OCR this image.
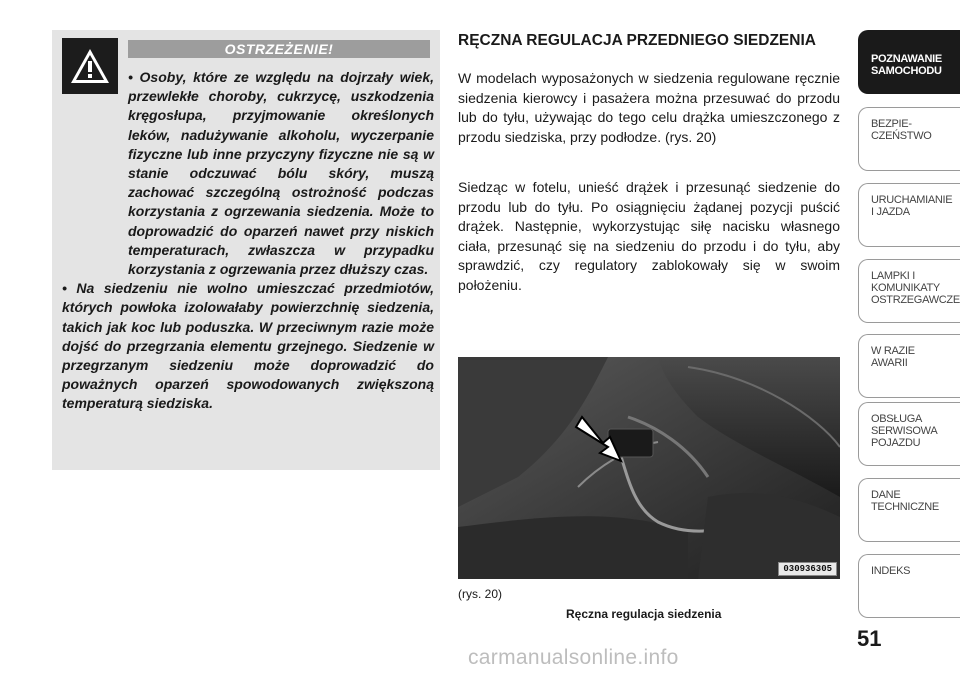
OSTRZEŻENIE!

• Osoby, które ze względu na dojrzały wiek, przewlekłe choroby, cukrzycę, uszkodzenia kręgosłupa, przyjmowanie określonych leków, nadużywanie alkoholu, wyczerpanie fizyczne lub inne przyczyny fizyczne nie są w stanie odczuwać bólu skóry, muszą zachować szczególną ostrożność podczas korzystania z ogrzewania siedzenia. Może to doprowadzić do oparzeń nawet przy niskich temperaturach, zwłaszcza w przypadku korzystania z ogrzewania przez dłuższy czas.

• Na siedzeniu nie wolno umieszczać przedmiotów, których powłoka izolowałaby powierzchnię siedzenia, takich jak koc lub poduszka. W przeciwnym razie może dojść do przegrzania elementu grzejnego. Siedzenie w przegrzanym siedzeniu może doprowadzić do poważnych oparzeń spowodowanych zwiększoną temperaturą siedziska.

RĘCZNA REGULACJA PRZEDNIEGO SIEDZENIA
W modelach wyposażonych w siedzenia regulowane ręcznie siedzenia kierowcy i pasażera można przesuwać do przodu lub do tyłu, używając do tego celu drążka umieszczonego z przodu siedziska, przy podłodze. (rys. 20)
Siedząc w fotelu, unieść drążek i przesunąć siedzenie do przodu lub do tyłu. Po osiągnięciu żądanej pozycji puścić drążek. Następnie, wykorzystując siłę nacisku własnego ciała, przesunąć się na siedzeniu do przodu i do tyłu, aby sprawdzić, czy regulatory zablokowały się w swoim położeniu.
030936305
(rys. 20)
Ręczna regulacja siedzenia
POZNAWANIE
SAMOCHODU
BEZPIE-
CZEŃSTWO
URUCHAMIANIE
I JAZDA
LAMPKI I
KOMUNIKATY
OSTRZEGAWCZE
W RAZIE
AWARII
OBSŁUGA
SERWISOWA
POJAZDU
DANE
TECHNICZNE
INDEKS
51
carmanualsonline.info
